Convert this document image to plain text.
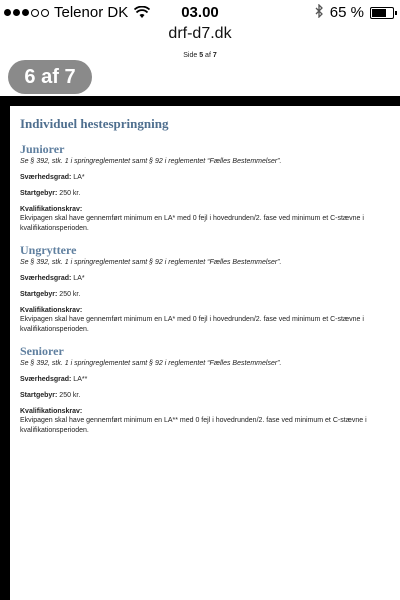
Telenor DK	03.00	65 %
drf-d7.dk
Side 5 af 7
6 af 7
Individuel hestespringning
Juniorer
Se § 392, stk. 1 i springreglementet samt § 92 i reglementet “Fælles Bestemmelser”.
Sværhedsgrad: LA*
Startgebyr: 250 kr.
Kvalifikationskrav:
Ekvipagen skal have gennemført minimum en LA* med 0 fejl i hovedrunden/2. fase ved minimum et C-stævne i kvalifikationsperioden.
Ungryttere
Se § 392, stk. 1 i springreglementet samt § 92 i reglementet “Fælles Bestemmelser”.
Sværhedsgrad: LA*
Startgebyr: 250 kr.
Kvalifikationskrav:
Ekvipagen skal have gennemført minimum en LA* med 0 fejl i hovedrunden/2. fase ved minimum et C-stævne i kvalifikationsperioden.
Seniorer
Se § 392, stk. 1 i springreglementet samt § 92 i reglementet “Fælles Bestemmelser”.
Sværhedsgrad: LA**
Startgebyr: 250 kr.
Kvalifikationskrav:
Ekvipagen skal have gennemført minimum en LA** med 0 fejl i hovedrunden/2. fase ved minimum et C-stævne i kvalifikationsperioden.
